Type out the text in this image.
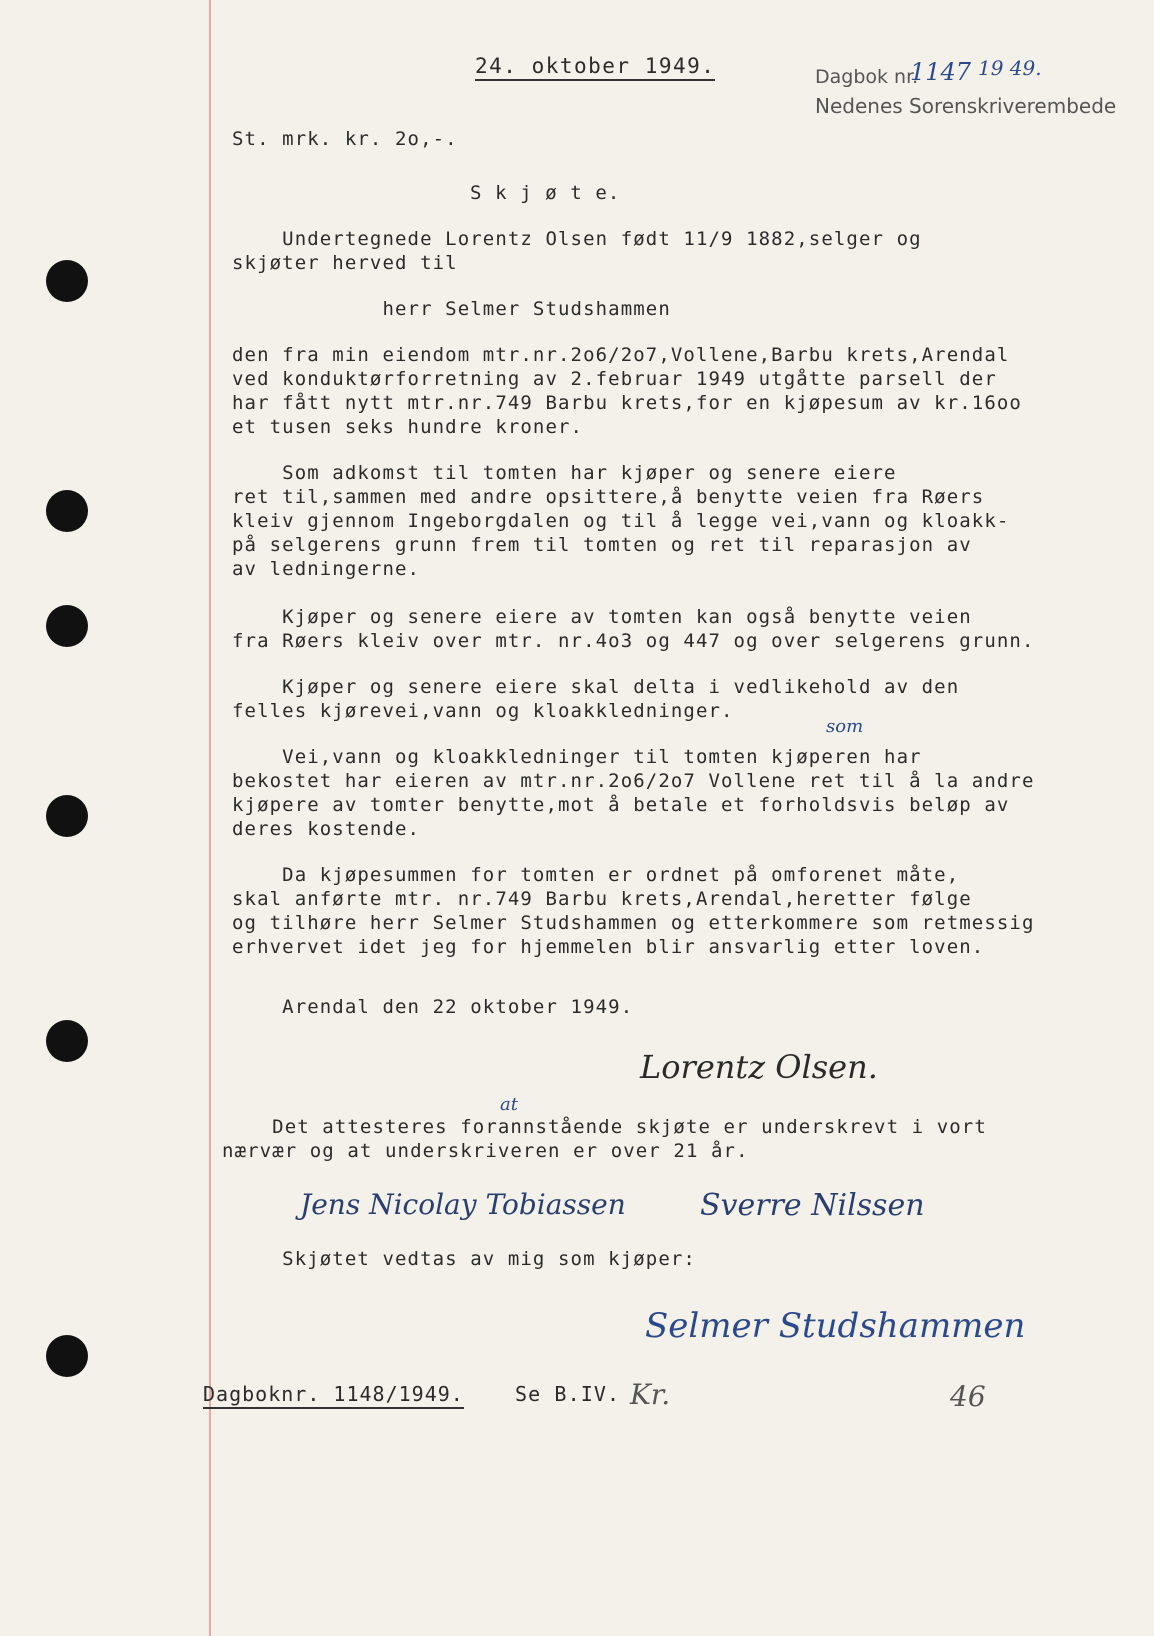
24. oktober 1949.	Dagbok nr.
1147 19 49.
Nedenes Sorenskriverembede
St. mrk. kr. 2o,-.
S k j ø t e.
Undertegnede Lorentz Olsen født 11/9 1882,selger og
skjøter herved til
herr Selmer Studshammen
den fra min eiendom mtr.nr.2o6/2o7,Vollene,Barbu krets,Arendal
ved konduktørforretning av 2.februar 1949 utgåtte parsell der
har fått nytt mtr.nr.749 Barbu krets,for en kjøpesum av kr.16oo
et tusen seks hundre kroner.
Som adkomst til tomten har kjøper og senere eiere
ret til,sammen med andre opsittere,å benytte veien fra Røers
kleiv gjennom Ingeborgdalen og til å legge vei,vann og kloakk-
på selgerens grunn frem til tomten og ret til reparasjon av
av ledningerne.
Kjøper og senere eiere av tomten kan også benytte veien
fra Røers kleiv over mtr. nr.4o3 og 447 og over selgerens grunn.
Kjøper og senere eiere skal delta i vedlikehold av den
felles kjørevei,vann og kloakkledninger.
som
Vei,vann og kloakkledninger til tomten kjøperen har
bekostet har eieren av mtr.nr.2o6/2o7 Vollene ret til å la andre
kjøpere av tomter benytte,mot å betale et forholdsvis beløp av
deres kostende.
Da kjøpesummen for tomten er ordnet på omforenet måte,
skal anførte mtr. nr.749 Barbu krets,Arendal,heretter følge
og tilhøre herr Selmer Studshammen og etterkommere som retmessig
erhvervet idet jeg for hjemmelen blir ansvarlig etter loven.
Arendal den 22 oktober 1949.
Lorentz Olsen.
at
Det attesteres forannstående skjøte er underskrevt i vort
nærvær og at underskriveren er over 21 år.
Jens Nicolay Tobiassen Sverre Nilssen
Skjøtet vedtas av mig som kjøper:
Selmer Studshammen
Dagboknr. 1148/1949.	Se B.IV. Kr.	46
